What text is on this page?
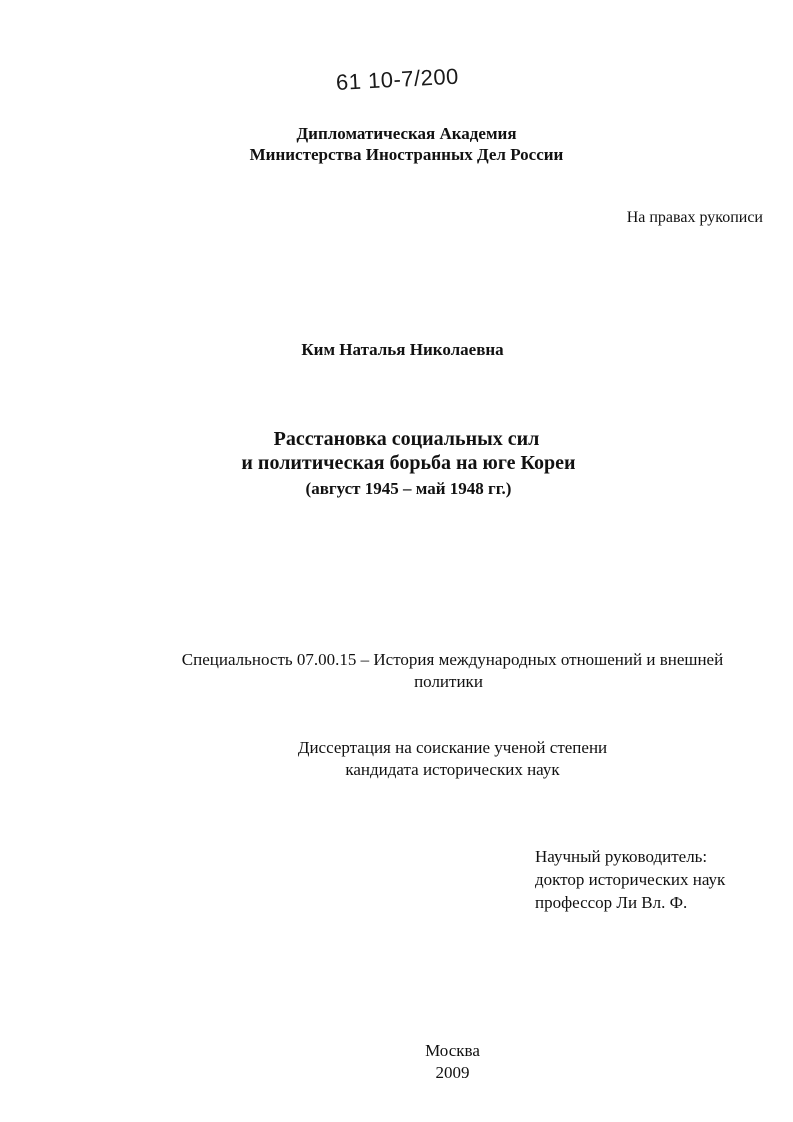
61 10-7/200
Дипломатическая Академия
Министерства Иностранных Дел России
На правах рукописи
Ким Наталья Николаевна
Расстановка социальных сил
и политическая борьба на юге Кореи
(август 1945 – май 1948 гг.)
Специальность 07.00.15 – История международных отношений и внешней
политики
Диссертация на соискание ученой степени
кандидата исторических наук
Научный руководитель:
доктор исторических наук
профессор Ли Вл. Ф.
Москва
2009
